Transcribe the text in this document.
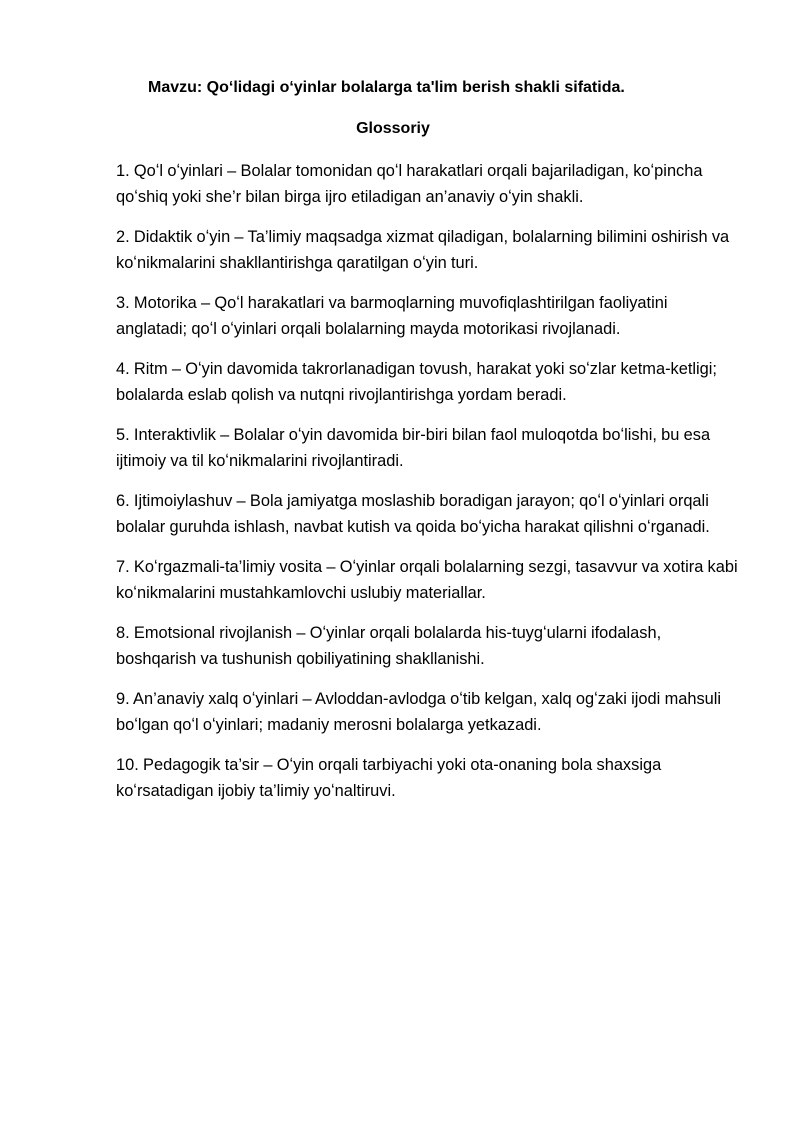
Mavzu: Qoʻlidagi oʻyinlar bolalarga ta'lim berish shakli sifatida.
Glossoriy
1. Qoʻl oʻyinlari – Bolalar tomonidan qoʻl harakatlari orqali bajariladigan, koʻpincha qoʻshiq yoki she’r bilan birga ijro etiladigan an’anaviy oʻyin shakli.
2. Didaktik oʻyin – Ta’limiy maqsadga xizmat qiladigan, bolalarning bilimini oshirish va koʻnikmalarini shakllantirishga qaratilgan oʻyin turi.
3. Motorika – Qoʻl harakatlari va barmoqlarning muvofiqlashtirilgan faoliyatini anglatadi; qoʻl oʻyinlari orqali bolalarning mayda motorikasi rivojlanadi.
4. Ritm – Oʻyin davomida takrorlanadigan tovush, harakat yoki soʻzlar ketma-ketligi; bolalarda eslab qolish va nutqni rivojlantirishga yordam beradi.
5. Interaktivlik – Bolalar oʻyin davomida bir-biri bilan faol muloqotda boʻlishi, bu esa ijtimoiy va til koʻnikmalarini rivojlantiradi.
6. Ijtimoiylashuv – Bola jamiyatga moslashib boradigan jarayon; qoʻl oʻyinlari orqali bolalar guruhda ishlash, navbat kutish va qoida boʻyicha harakat qilishni oʻrganadi.
7. Koʻrgazmali-ta’limiy vosita – Oʻyinlar orqali bolalarning sezgi, tasavvur va xotira kabi koʻnikmalarini mustahkamlovchi uslubiy materiallar.
8. Emotsional rivojlanish – Oʻyinlar orqali bolalarda his-tuygʻularni ifodalash, boshqarish va tushunish qobiliyatining shakllanishi.
9. An’anaviy xalq oʻyinlari – Avloddan-avlodga oʻtib kelgan, xalq ogʻzaki ijodi mahsuli boʻlgan qoʻl oʻyinlari; madaniy merosni bolalarga yetkazadi.
10. Pedagogik ta’sir – Oʻyin orqali tarbiyachi yoki ota-onaning bola shaxsiga koʻrsatadigan ijobiy ta’limiy yoʻnaltiruvi.
